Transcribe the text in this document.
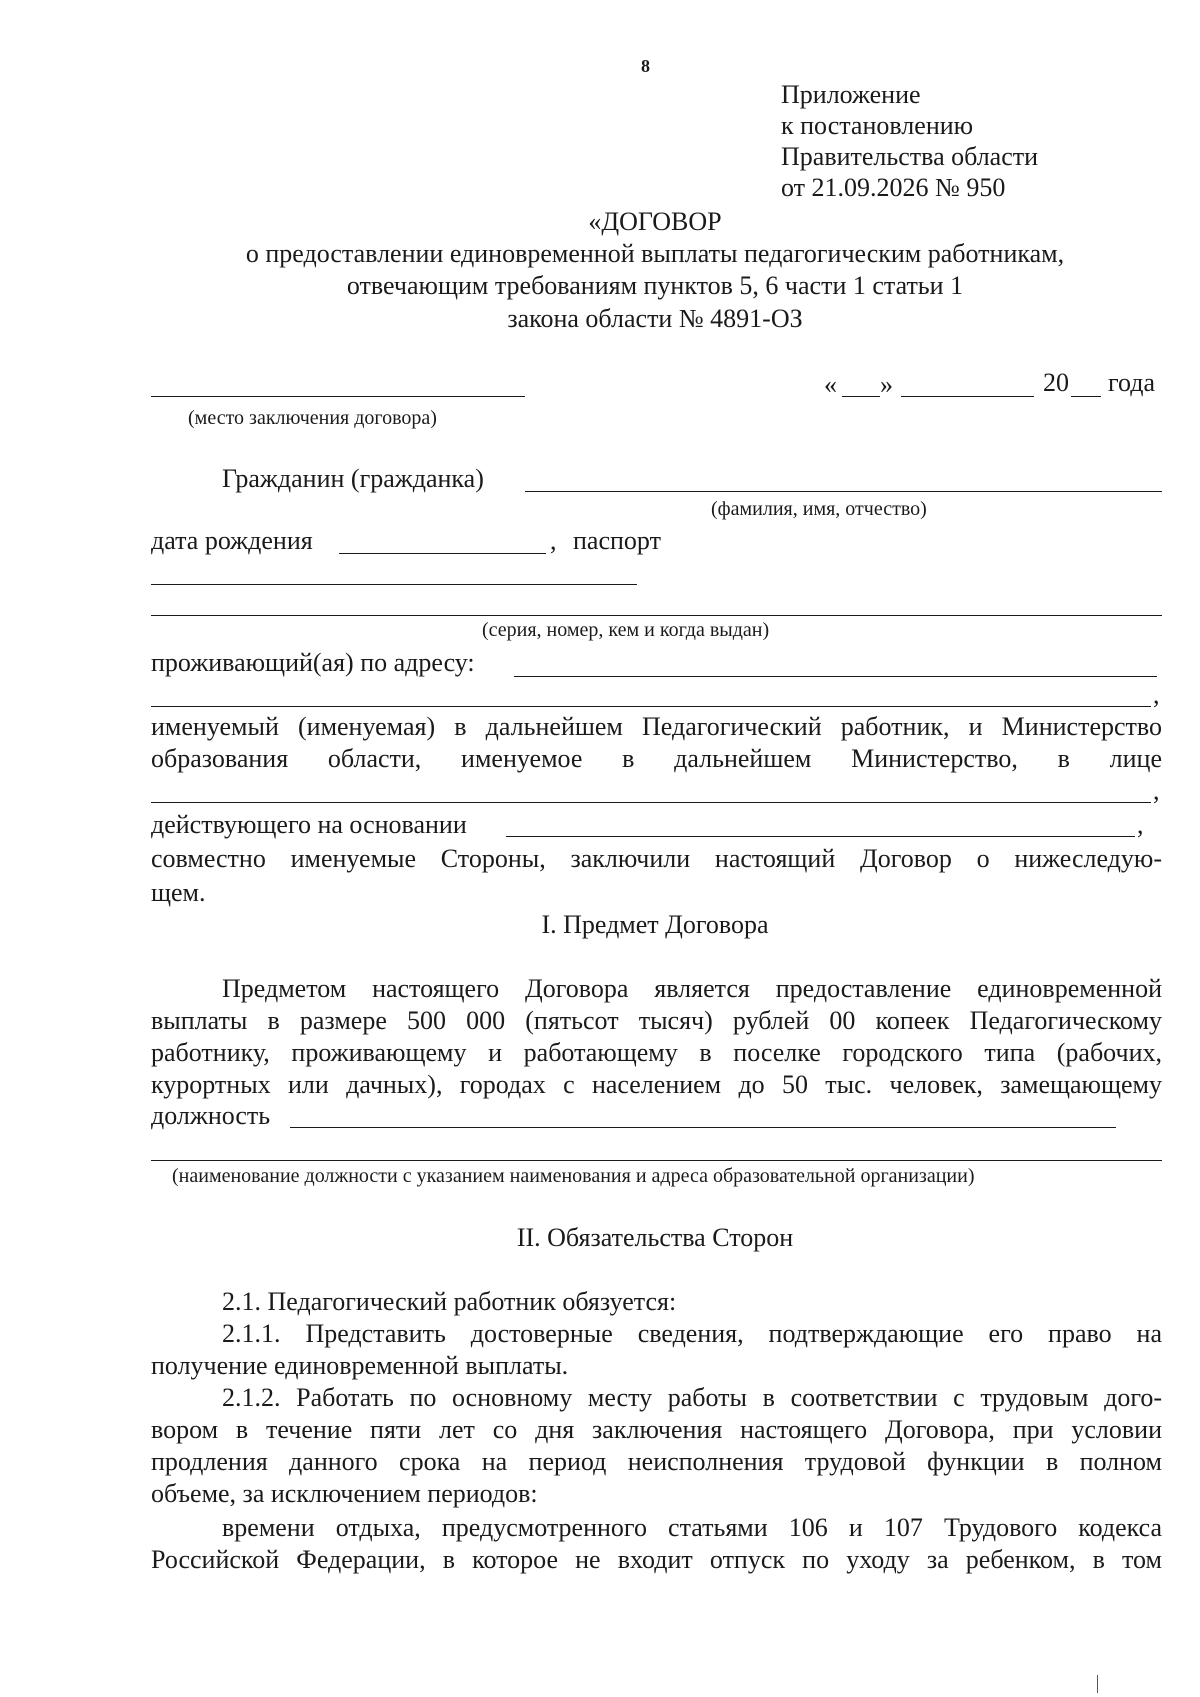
8
Приложение
к постановлению
Правительства области
от 21.09.2026 № 950
«ДОГОВОР
о предоставлении единовременной выплаты педагогическим работникам,
отвечающим требованиям пунктов 5, 6 части 1 статьи 1
закона области № 4891-ОЗ
(место заключения договора)
« »	20 года
Гражданин (гражданка)
(фамилия, имя, отчество)
дата рождения	, паспорт
(серия, номер, кем и когда выдан)
проживающий(ая) по адресу:
,
именуемый (именуемая) в дальнейшем Педагогический работник, и Министерство
образования области, именуемое в дальнейшем Министерство, в лице
,
действующего на основании	,
совместно именуемые Стороны, заключили настоящий Договор о нижеследую-
щем.
I. Предмет Договора
Предметом настоящего Договора является предоставление единовременной
выплаты в размере 500 000 (пятьсот тысяч) рублей 00 копеек Педагогическому
работнику, проживающему и работающему в поселке городского типа (рабочих,
курортных или дачных), городах с населением до 50 тыс. человек, замещающему
должность
(наименование должности с указанием наименования и адреса образовательной организации)
II. Обязательства Сторон
2.1. Педагогический работник обязуется:
2.1.1. Представить достоверные сведения, подтверждающие его право на
получение единовременной выплаты.
2.1.2. Работать по основному месту работы в соответствии с трудовым дого-
вором в течение пяти лет со дня заключения настоящего Договора, при условии
продления данного срока на период неисполнения трудовой функции в полном
объеме, за исключением периодов:
времени отдыха, предусмотренного статьями 106 и 107 Трудового кодекса
Российской Федерации, в которое не входит отпуск по уходу за ребенком, в том
